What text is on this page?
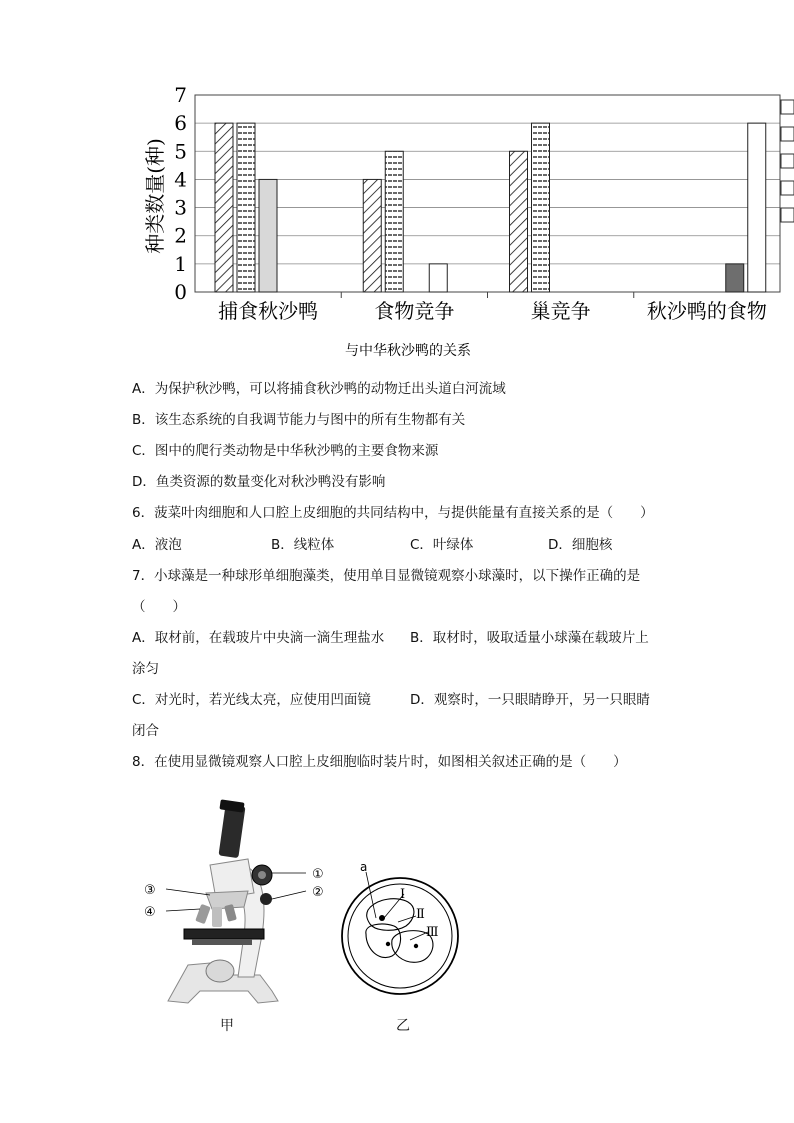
0
1
2
3
4
5
6
7
捕食秋沙鸭	食物竞争	巢竞争	秋沙鸭的食物
种类数量(种)
与中华秋沙鸭的关系
A．为保护秋沙鸭，可以将捕食秋沙鸭的动物迁出头道白河流域
B．该生态系统的自我调节能力与图中的所有生物都有关
C．图中的爬行类动物是中华秋沙鸭的主要食物来源
D．鱼类资源的数量变化对秋沙鸭没有影响
6．菠菜叶肉细胞和人口腔上皮细胞的共同结构中，与提供能量有直接关系的是（　　）
A．液泡	B．线粒体	C．叶绿体	D．细胞核
7．小球藻是一种球形单细胞藻类，使用单目显微镜观察小球藻时，以下操作正确的是
（　　）
A．取材前，在载玻片中央滴一滴生理盐水 B．取材时，吸取适量小球藻在载玻片上
涂匀
C．对光时，若光线太亮，应使用凹面镜	D．观察时，一只眼睛睁开，另一只眼睛
闭合
8．在使用显微镜观察人口腔上皮细胞临时装片时，如图相关叙述正确的是（　　）
①
②
③
④
甲
a
Ⅰ
Ⅱ
Ⅲ
乙
